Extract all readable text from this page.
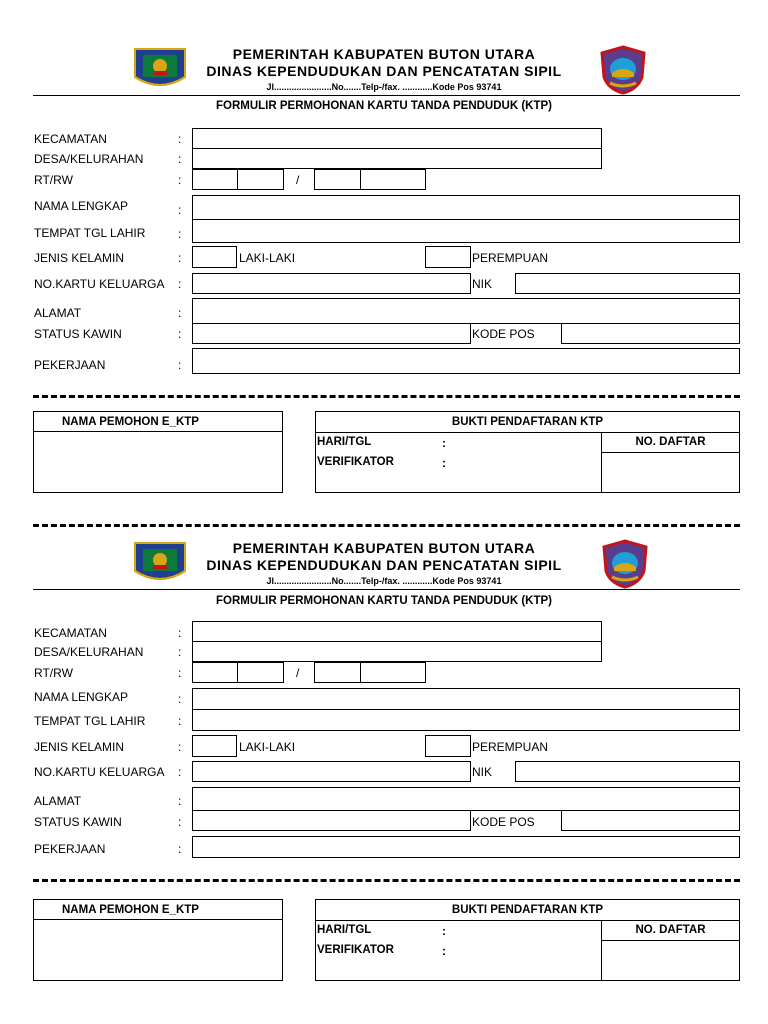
PEMERINTAH KABUPATEN BUTON UTARA
DINAS KEPENDUDUKAN DAN PENCATATAN SIPIL
Jl.......................No.......Telp-/fax. ............Kode Pos 93741
FORMULIR PERMOHONAN KARTU TANDA PENDUDUK (KTP)
KECAMATAN	:
DESA/KELURAHAN	:
RT/RW	:	/
NAMA LENGKAP	:
TEMPAT TGL LAHIR	:
JENIS KELAMIN	:	LAKI-LAKI	PEREMPUAN
NO.KARTU KELUARGA :	NIK
ALAMAT	:
STATUS KAWIN	:	KODE POS
PEKERJAAN	:
NAMA PEMOHON E_KTP	BUKTI PENDAFTARAN KTP
HARI/TGL	:	NO. DAFTAR
VERIFIKATOR	:
PEMERINTAH KABUPATEN BUTON UTARA
DINAS KEPENDUDUKAN DAN PENCATATAN SIPIL
Jl.......................No.......Telp-/fax. ............Kode Pos 93741
FORMULIR PERMOHONAN KARTU TANDA PENDUDUK (KTP)
KECAMATAN	:
DESA/KELURAHAN	:
RT/RW	:	/
NAMA LENGKAP	:
TEMPAT TGL LAHIR	:
JENIS KELAMIN	:	LAKI-LAKI	PEREMPUAN
NO.KARTU KELUARGA :	NIK
ALAMAT	:
STATUS KAWIN	:	KODE POS
PEKERJAAN	:
NAMA PEMOHON E_KTP	BUKTI PENDAFTARAN KTP
HARI/TGL	:	NO. DAFTAR
VERIFIKATOR	:
